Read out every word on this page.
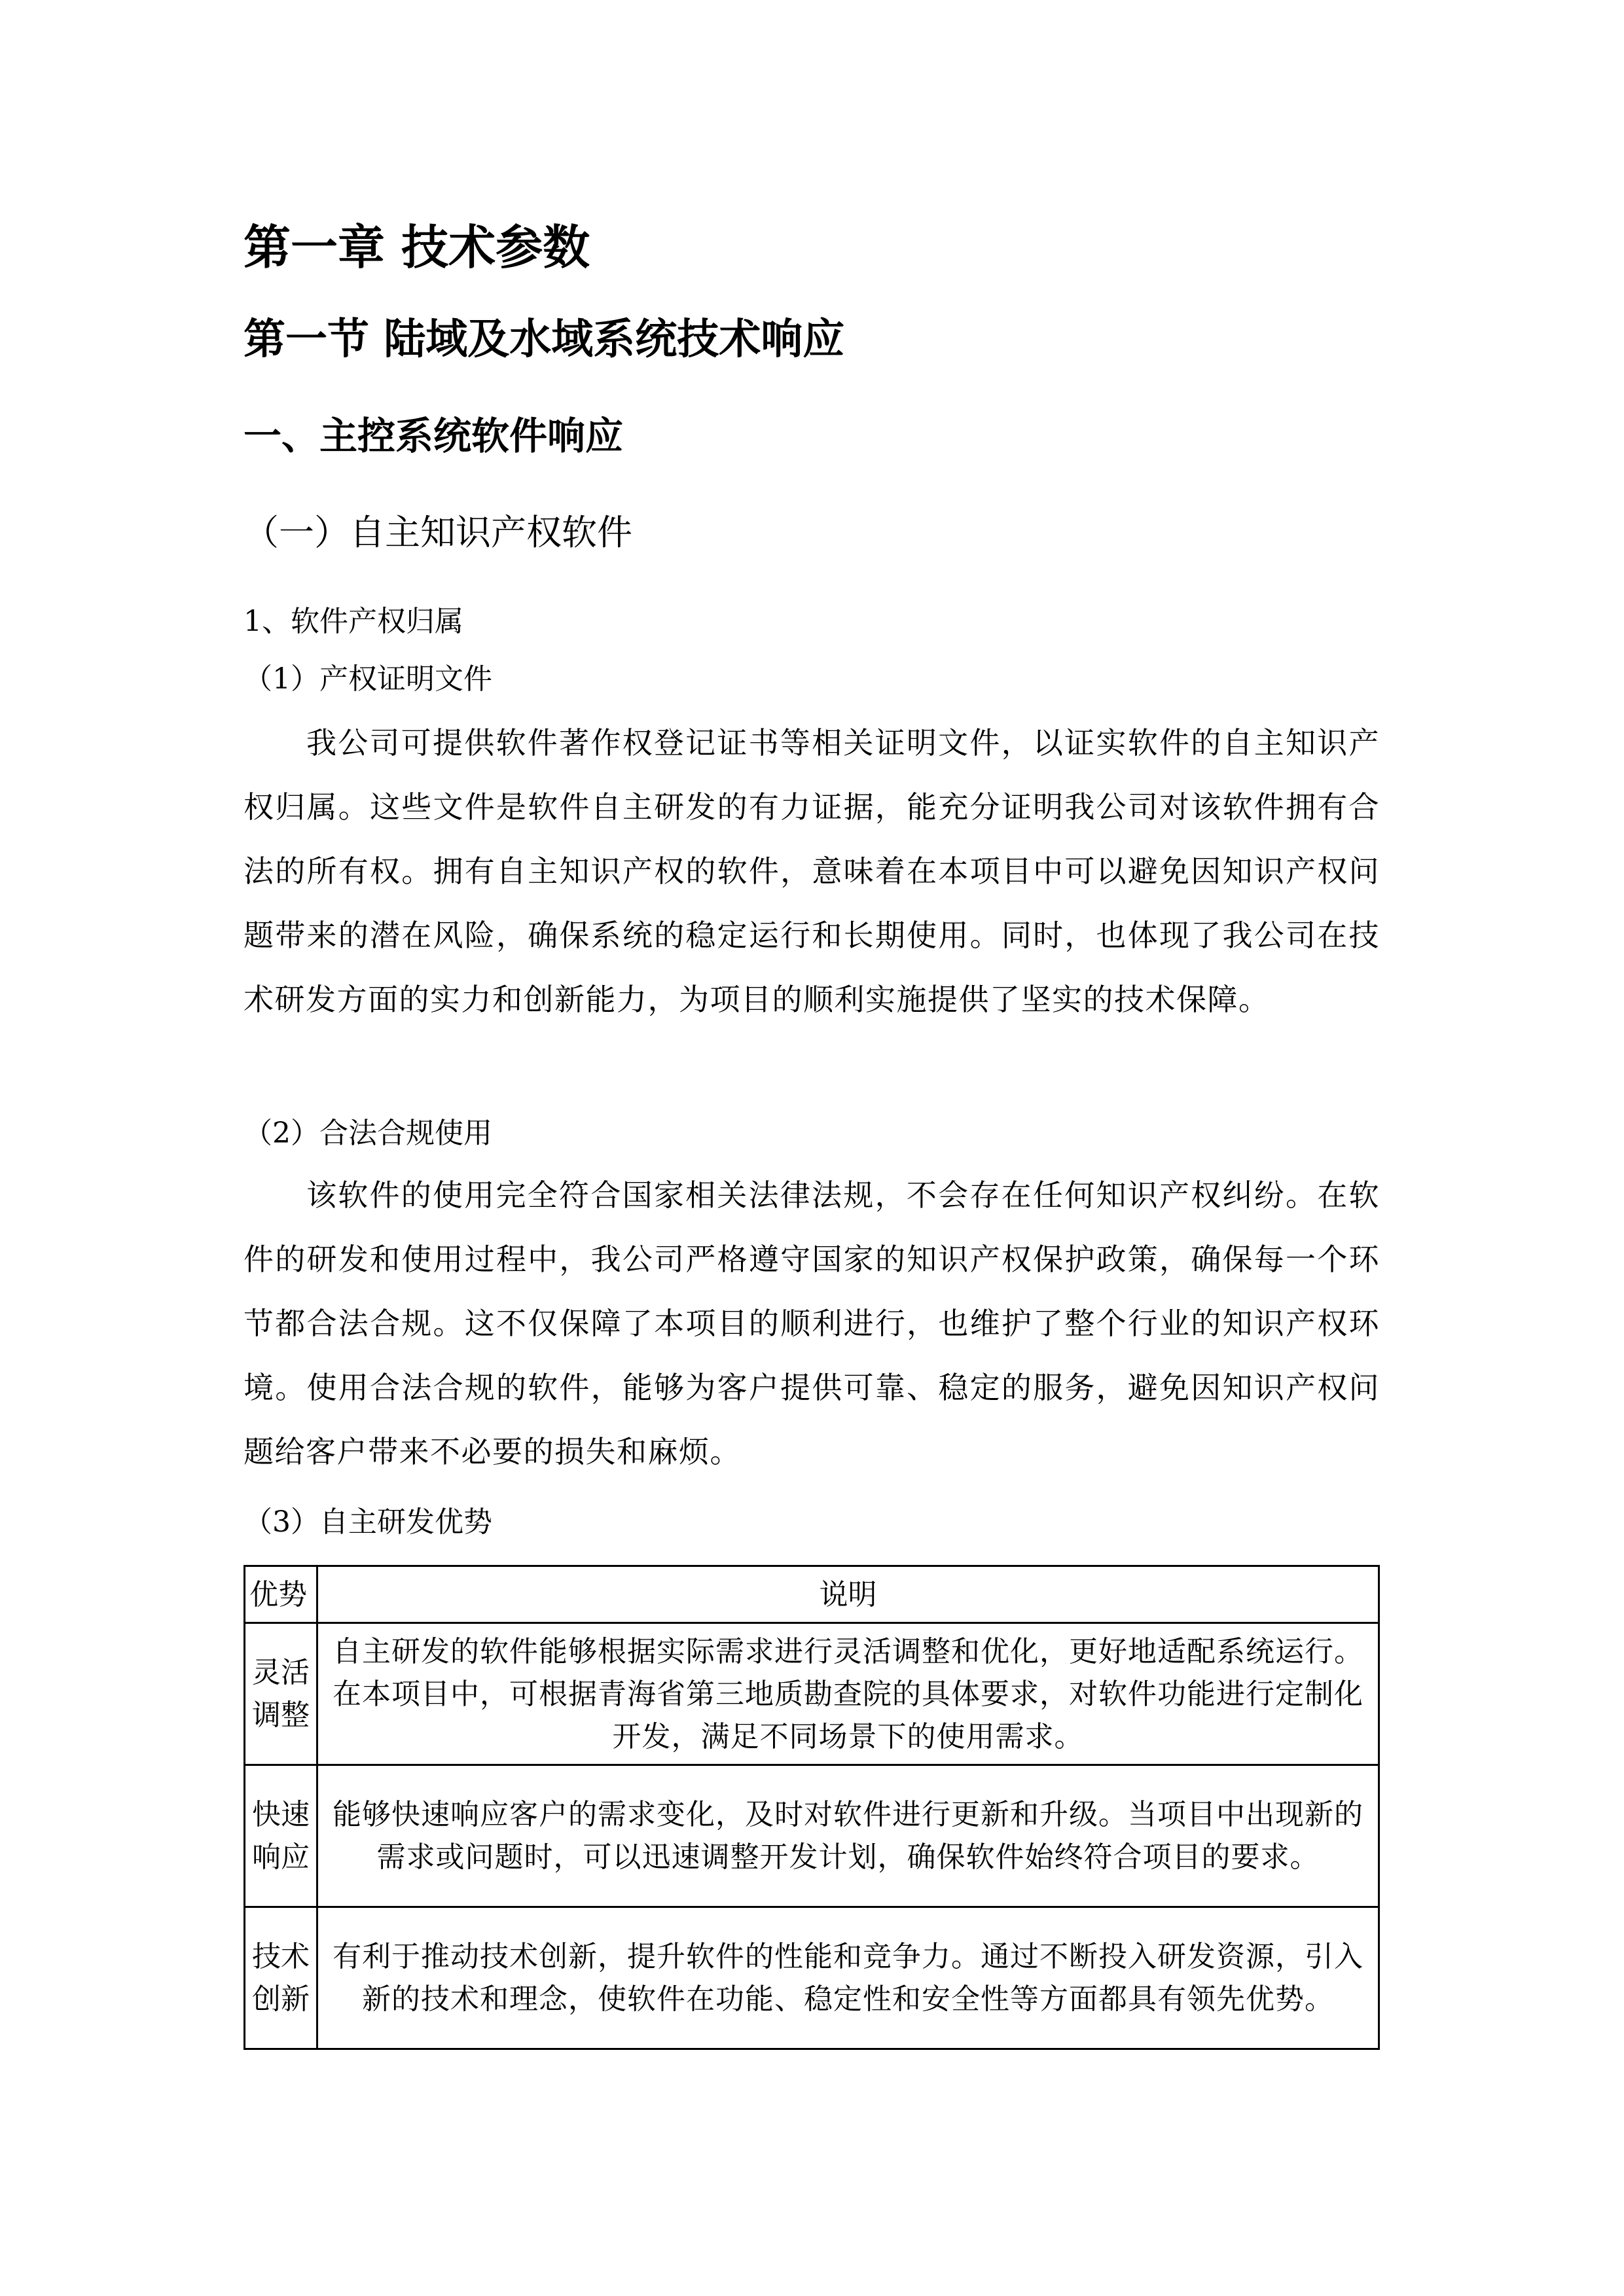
第一章 技术参数
第一节 陆域及水域系统技术响应
一、主控系统软件响应
（一）自主知识产权软件
1、软件产权归属
（1）产权证明文件
我公司可提供软件著作权登记证书等相关证明文件，以证实软件的自主知识产权归属。这些文件是软件自主研发的有力证据，能充分证明我公司对该软件拥有合法的所有权。拥有自主知识产权的软件，意味着在本项目中可以避免因知识产权问题带来的潜在风险，确保系统的稳定运行和长期使用。同时，也体现了我公司在技术研发方面的实力和创新能力，为项目的顺利实施提供了坚实的技术保障。
（2）合法合规使用
该软件的使用完全符合国家相关法律法规，不会存在任何知识产权纠纷。在软件的研发和使用过程中，我公司严格遵守国家的知识产权保护政策，确保每一个环节都合法合规。这不仅保障了本项目的顺利进行，也维护了整个行业的知识产权环境。使用合法合规的软件，能够为客户提供可靠、稳定的服务，避免因知识产权问题给客户带来不必要的损失和麻烦。
（3）自主研发优势
优势	说明
灵活调整	自主研发的软件能够根据实际需求进行灵活调整和优化，更好地适配系统运行。在本项目中，可根据青海省第三地质勘查院的具体要求，对软件功能进行定制化开发，满足不同场景下的使用需求。
快速响应	能够快速响应客户的需求变化，及时对软件进行更新和升级。当项目中出现新的需求或问题时，可以迅速调整开发计划，确保软件始终符合项目的要求。
技术创新	有利于推动技术创新，提升软件的性能和竞争力。通过不断投入研发资源，引入新的技术和理念，使软件在功能、稳定性和安全性等方面都具有领先优势。
